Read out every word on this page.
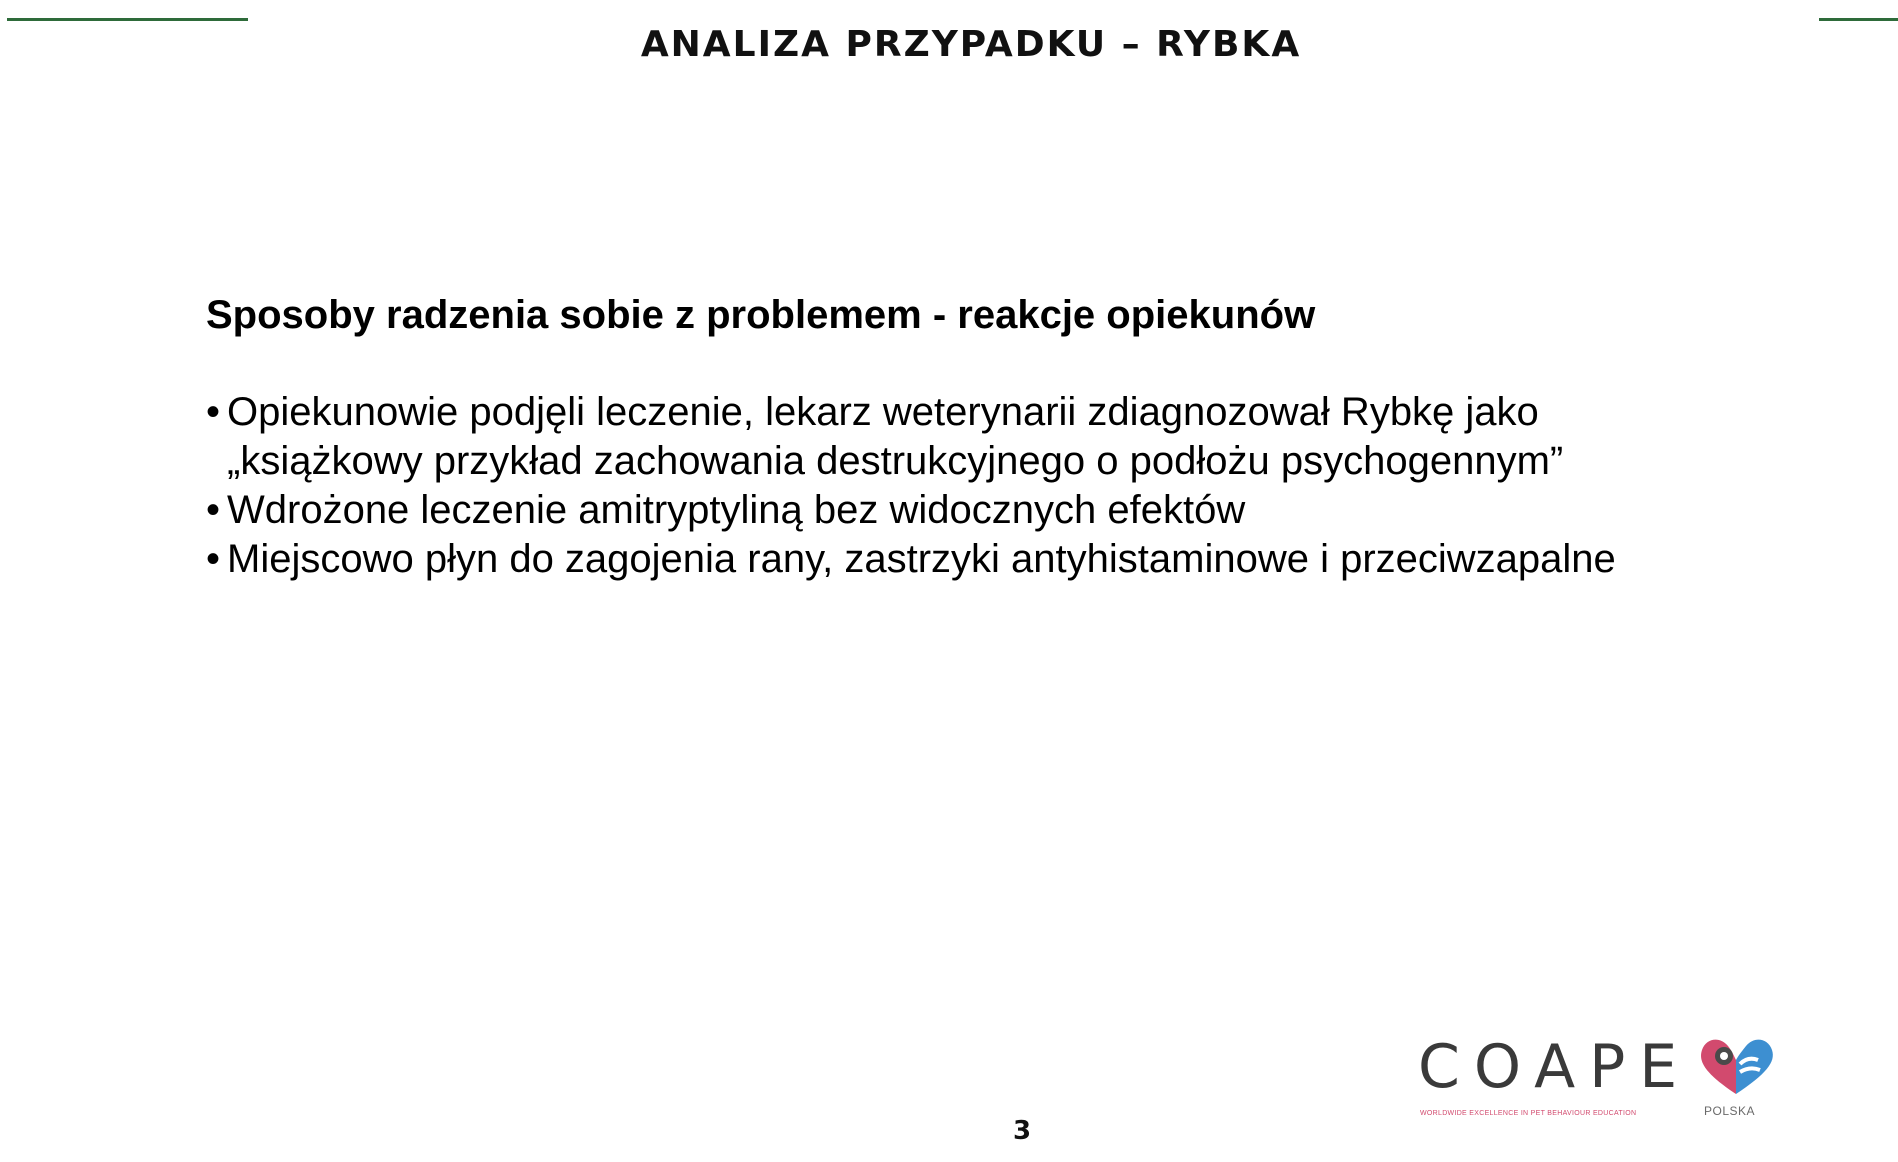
ANALIZA PRZYPADKU – RYBKA

Sposoby radzenia sobie z problemem - reakcje opiekunów

• Opiekunowie podjęli leczenie, lekarz weterynarii zdiagnozował Rybkę jako „książkowy przykład zachowania destrukcyjnego o podłożu psychogennym”
• Wdrożone leczenie amitryptyliną bez widocznych efektów
• Miejscowo płyn do zagojenia rany, zastrzyki antyhistaminowe i przeciwzapalne
COAPE
WORLDWIDE EXCELLENCE IN PET BEHAVIOUR EDUCATION	POLSKA
3
